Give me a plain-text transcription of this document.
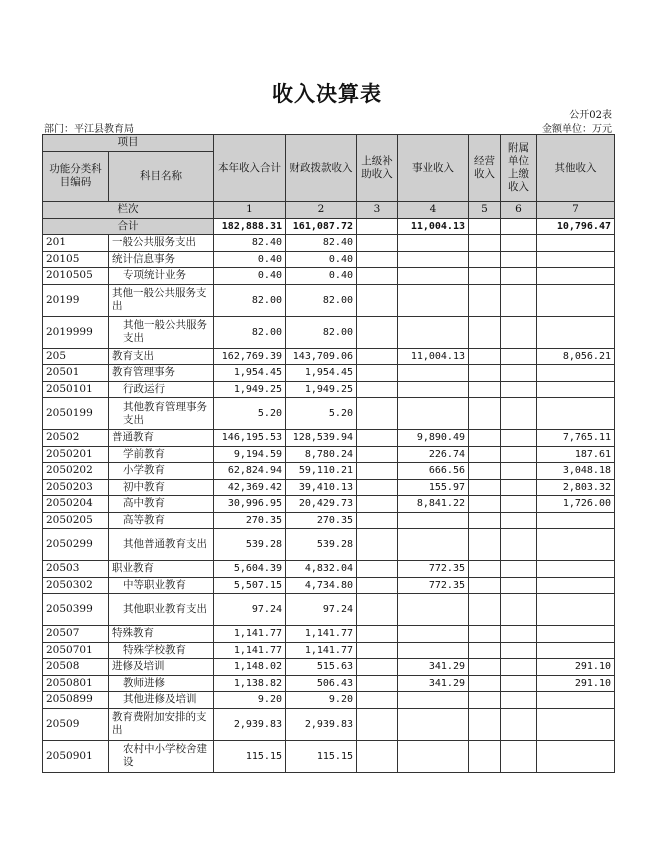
收入决算表
公开02表
部门：平江县教育局	金额单位：万元
项目		本年收入合计	财政拨款收入	上级补助收入	事业收入	经营收入	附属单位上缴收入	其他收入
功能分类科目编码	科目名称							
栏次		1	2	3	4	5	6	7
合计		182,888.31	161,087.72		11,004.13			10,796.47
201	一般公共服务支出	82.40	82.40					
20105	统计信息事务	0.40	0.40					
2010505	专项统计业务	0.40	0.40					
20199	其他一般公共服务支出	82.00	82.00					
2019999	其他一般公共服务支出	82.00	82.00					
205	教育支出	162,769.39	143,709.06		11,004.13			8,056.21
20501	教育管理事务	1,954.45	1,954.45					
2050101	行政运行	1,949.25	1,949.25					
2050199	其他教育管理事务支出	5.20	5.20					
20502	普通教育	146,195.53	128,539.94		9,890.49			7,765.11
2050201	学前教育	9,194.59	8,780.24		226.74			187.61
2050202	小学教育	62,824.94	59,110.21		666.56			3,048.18
2050203	初中教育	42,369.42	39,410.13		155.97			2,803.32
2050204	高中教育	30,996.95	20,429.73		8,841.22			1,726.00
2050205	高等教育	270.35	270.35					
2050299	其他普通教育支出	539.28	539.28					
20503	职业教育	5,604.39	4,832.04		772.35			
2050302	中等职业教育	5,507.15	4,734.80		772.35			
2050399	其他职业教育支出	97.24	97.24					
20507	特殊教育	1,141.77	1,141.77					
2050701	特殊学校教育	1,141.77	1,141.77					
20508	进修及培训	1,148.02	515.63		341.29			291.10
2050801	教师进修	1,138.82	506.43		341.29			291.10
2050899	其他进修及培训	9.20	9.20					
20509	教育费附加安排的支出	2,939.83	2,939.83					
2050901	农村中小学校舍建设	115.15	115.15					
